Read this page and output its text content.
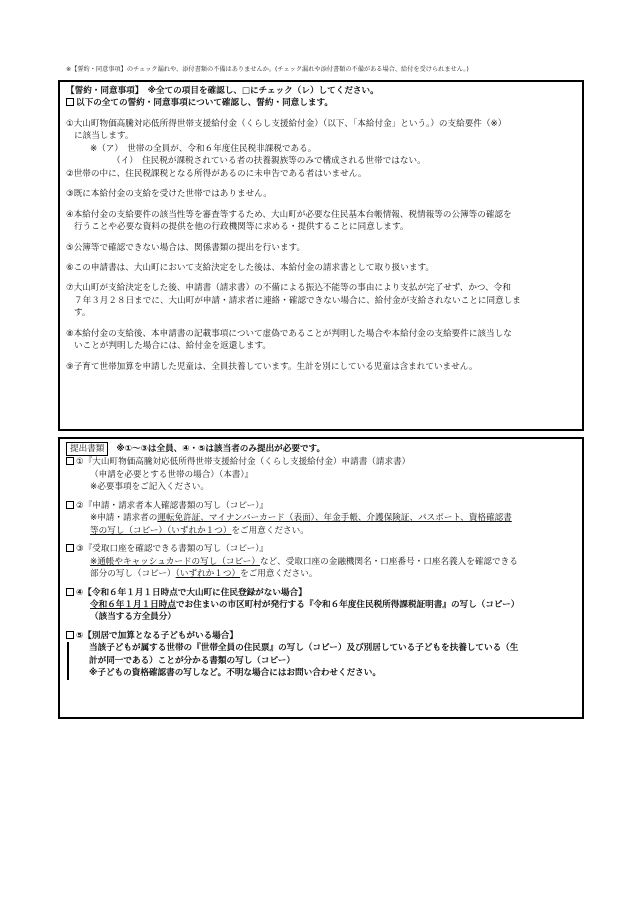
※【誓約・同意事項】のチェック漏れや、添付書類の不備はありませんか。(チェック漏れや添付書類の不備がある場合、給付を受けられません。)

【誓約・同意事項】　※全ての項目を確認し、□にチェック（レ）してください。

以下の全ての誓約・同意事項について確認し、誓約・同意します。

①大山町物価高騰対応低所得世帯支援給付金（くらし支援給付金）（以下、「本給付金」という。）の支給要件（※）

に該当します。

※（ア）　世帯の全員が、令和６年度住民税非課税である。

（イ）　住民税が課税されている者の扶養親族等のみで構成される世帯ではない。

②世帯の中に、住民税課税となる所得があるのに未申告である者はいません。

③既に本給付金の支給を受けた世帯ではありません。

④本給付金の支給要件の該当性等を審査等するため、大山町が必要な住民基本台帳情報、税情報等の公簿等の確認を

行うことや必要な資料の提供を他の行政機関等に求める・提供することに同意します。

⑤公簿等で確認できない場合は、関係書類の提出を行います。

⑥この申請書は、大山町において支給決定をした後は、本給付金の請求書として取り扱います。

⑦大山町が支給決定をした後、申請書（請求書）の不備による振込不能等の事由により支払が完了せず、かつ、令和

７年３月２８日までに、大山町が申請・請求者に連絡・確認できない場合に、給付金が支給されないことに同意しま

す。

⑧本給付金の支給後、本申請書の記載事項について虚偽であることが判明した場合や本給付金の支給要件に該当しな

いことが判明した場合には、給付金を返還します。

⑨子育て世帯加算を申請した児童は、全員扶養しています。生計を別にしている児童は含まれていません。

提出書類 ※①～③は全員、④・⑤は該当者のみ提出が必要です。

①『大山町物価高騰対応低所得世帯支援給付金（くらし支援給付金）申請書（請求書）

（申請を必要とする世帯の場合）（本書）』

※必要事項をご記入ください。

②『申請・請求者本人確認書類の写し（コピー）』

※申請・請求者の運転免許証、マイナンバーカード（表面）、年金手帳、介護保険証、パスポート、資格確認書

等の写し（コピー）（いずれか１つ）をご用意ください。

③『受取口座を確認できる書類の写し（コピー）』

※通帳やキャッシュカードの写し（コピー）など、受取口座の金融機関名・口座番号・口座名義人を確認できる

部分の写し（コピー）（いずれか１つ）をご用意ください。

④【令和６年１月１日時点で大山町に住民登録がない場合】

令和６年１月１日時点でお住まいの市区町村が発行する『令和６年度住民税所得課税証明書』の写し（コピー）

（該当する方全員分）

⑤【別居で加算となる子どもがいる場合】

当該子どもが属する世帯の『世帯全員の住民票』の写し（コピー）及び別居している子どもを扶養している（生

計が同一である）ことが分かる書類の写し（コピー）

※子どもの資格確認書の写しなど。不明な場合にはお問い合わせください。
